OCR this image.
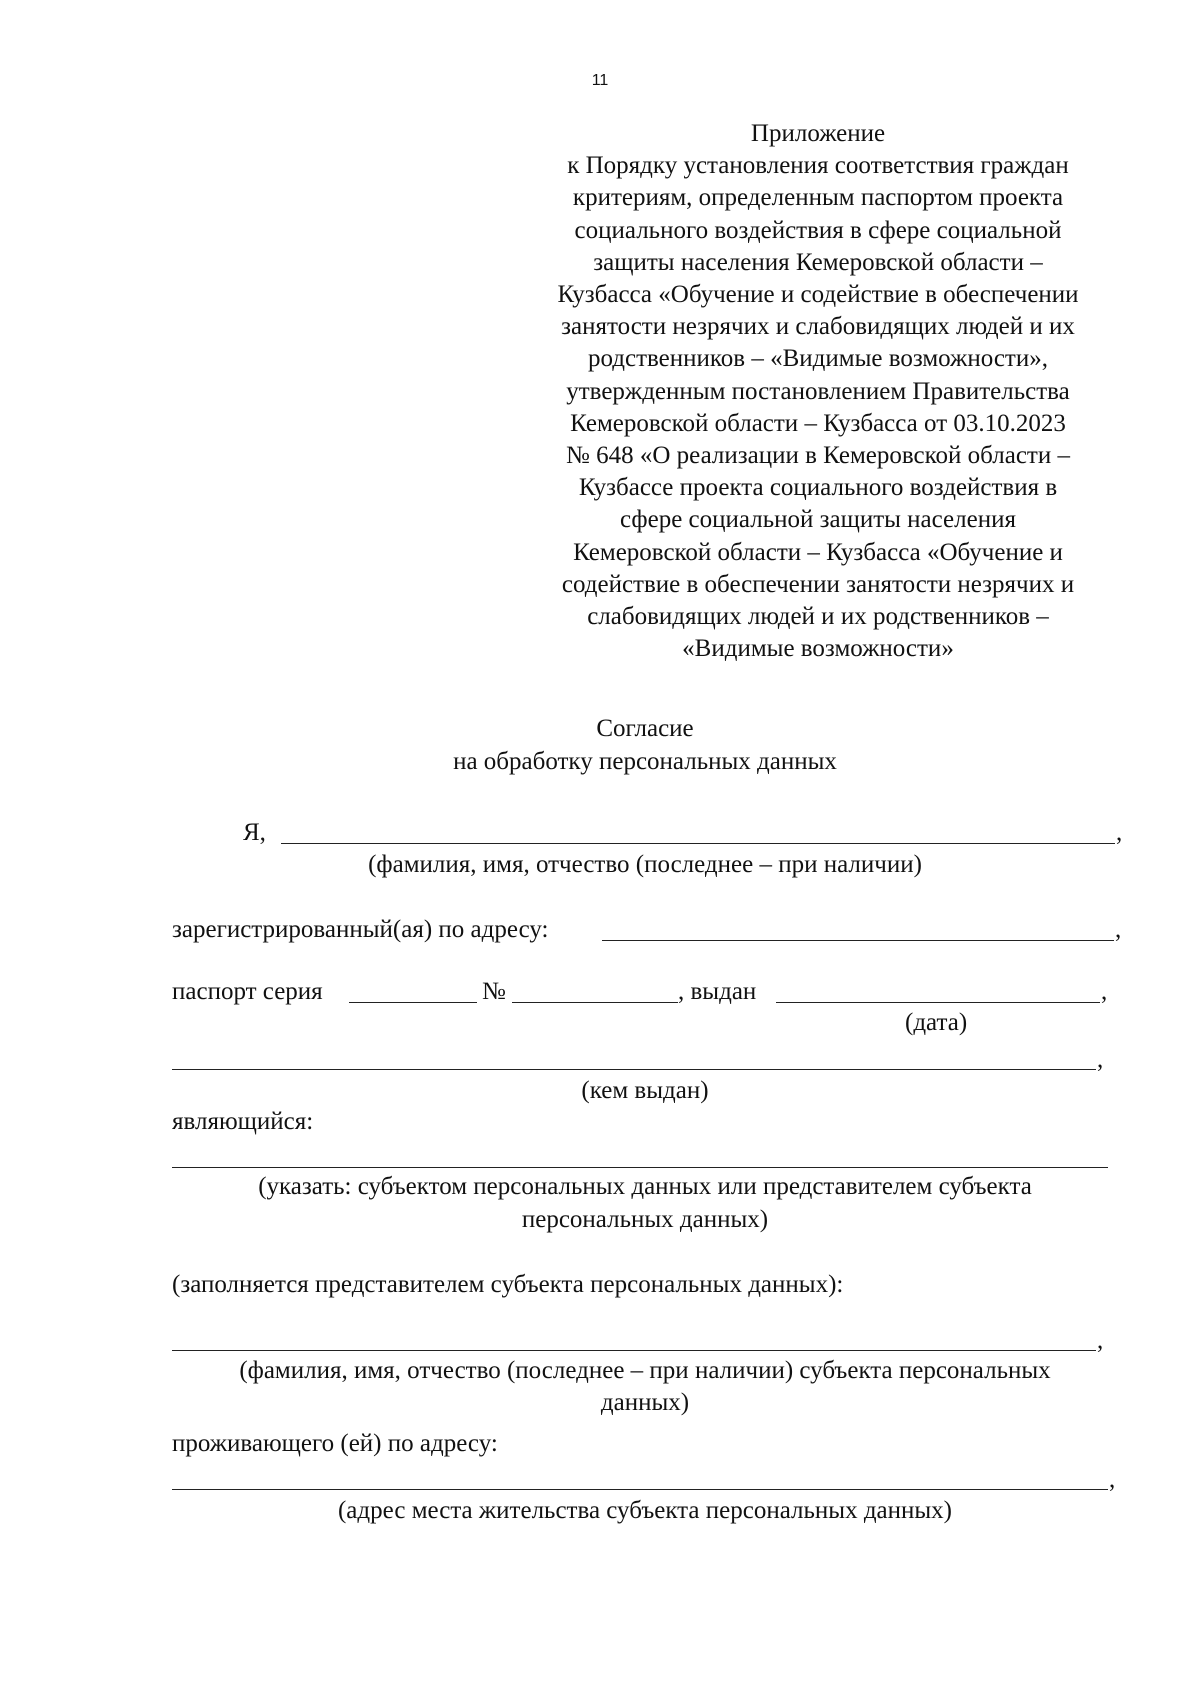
11
Приложение
к Порядку установления соответствия граждан
критериям, определенным паспортом проекта
социального воздействия в сфере социальной
защиты населения Кемеровской области –
Кузбасса «Обучение и содействие в обеспечении
занятости незрячих и слабовидящих людей и их
родственников – «Видимые возможности»,
утвержденным постановлением Правительства
Кемеровской области – Кузбасса от 03.10.2023
№ 648 «О реализации в Кемеровской области –
Кузбассе проекта социального воздействия в
сфере социальной защиты населения
Кемеровской области – Кузбасса «Обучение и
содействие в обеспечении занятости незрячих и
слабовидящих людей и их родственников –
«Видимые возможности»
Согласие
на обработку персональных данных
Я,	,
(фамилия, имя, отчество (последнее – при наличии)
зарегистрированный(ая) по адресу:	,
паспорт серия	№	, выдан	,
(дата)
,
(кем выдан)
являющийся:
(указать: субъектом персональных данных или представителем субъекта
персональных данных)
(заполняется представителем субъекта персональных данных):
,
(фамилия, имя, отчество (последнее – при наличии) субъекта персональных
данных)
проживающего (ей) по адресу:
,
(адрес места жительства субъекта персональных данных)
